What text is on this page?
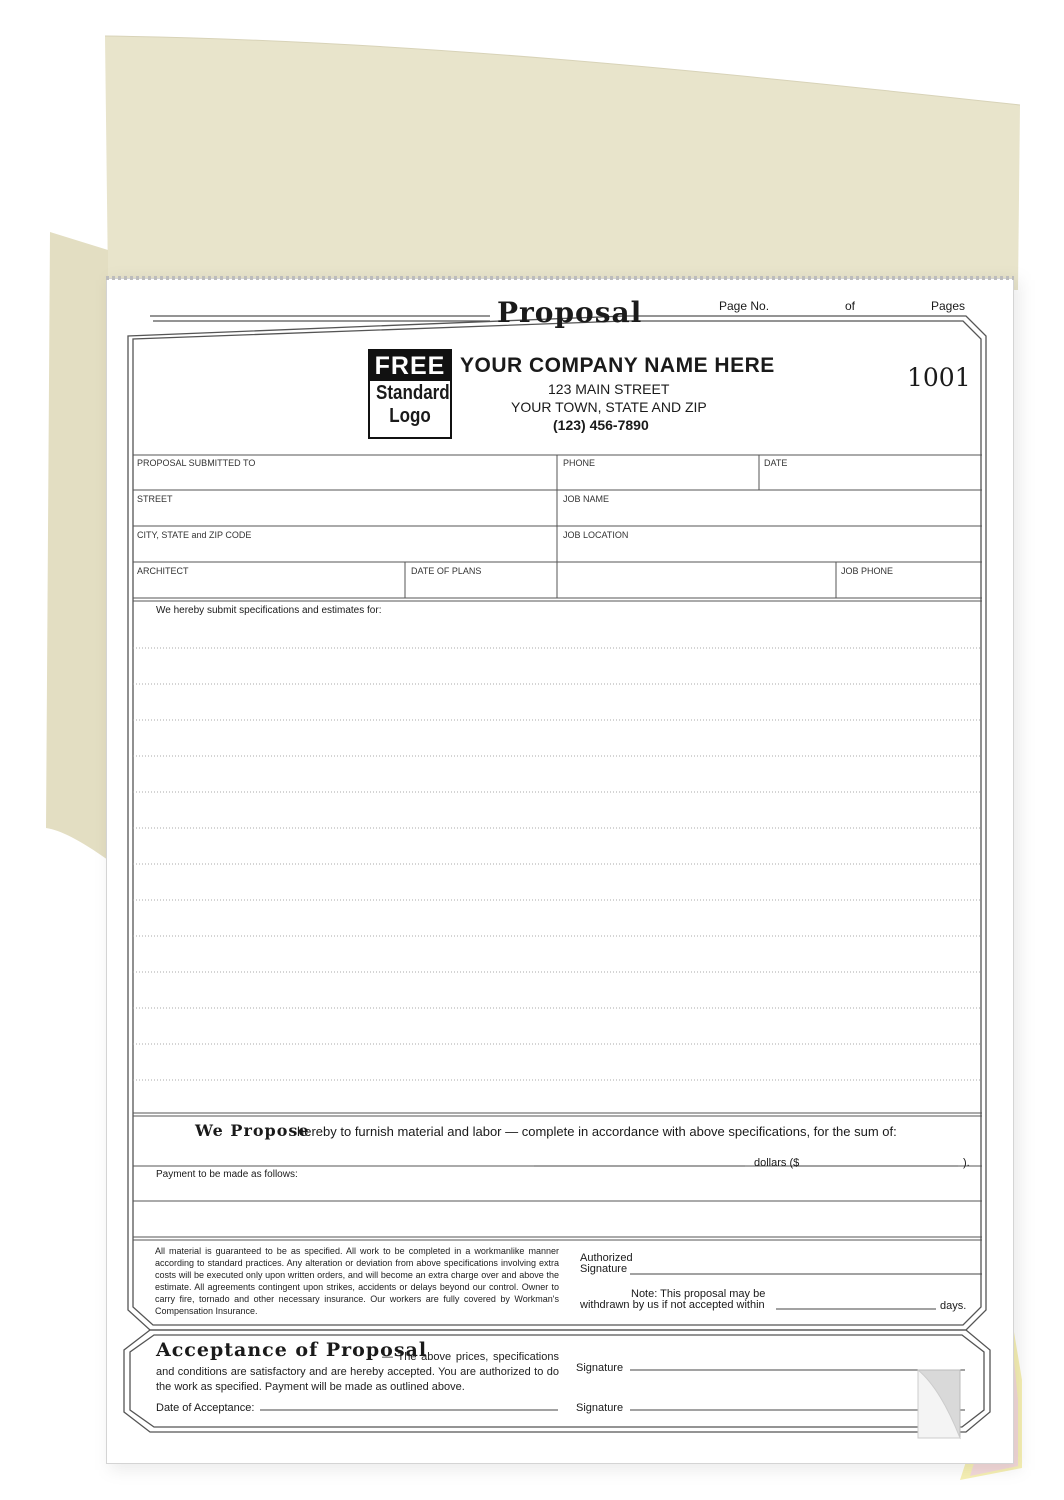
Proposal	Page No.	of	Pages
FREE
Standard
Logo
YOUR COMPANY NAME HERE
123 MAIN STREET
YOUR TOWN, STATE AND ZIP
(123) 456-7890
1001
PROPOSAL SUBMITTED TO	PHONE	DATE
STREET	JOB NAME
CITY, STATE and ZIP CODE	JOB LOCATION
ARCHITECT	DATE OF PLANS	JOB PHONE
We hereby submit specifications and estimates for:
We Propose
hereby to furnish material and labor — complete in accordance with above specifications, for the sum of:
dollars ($	).
Payment to be made as follows:
All material is guaranteed to be as specified. All work to be completed in a workmanlike manner according to standard practices. Any alteration or deviation from above specifications involving extra costs will be executed only upon written orders, and will become an extra charge over and above the estimate. All agreements contingent upon strikes, accidents or delays beyond our control. Owner to carry fire, tornado and other necessary insurance. Our workers are fully covered by Workman's Compensation Insurance.
Authorized
Signature
Note: This proposal may be
withdrawn by us if not accepted within	days.
Acceptance of Proposal
— The above prices, specifications and conditions are satisfactory and are hereby accepted. You are authorized to do the work as specified. Payment will be made as outlined above.
Date of Acceptance:
Signature
Signature
